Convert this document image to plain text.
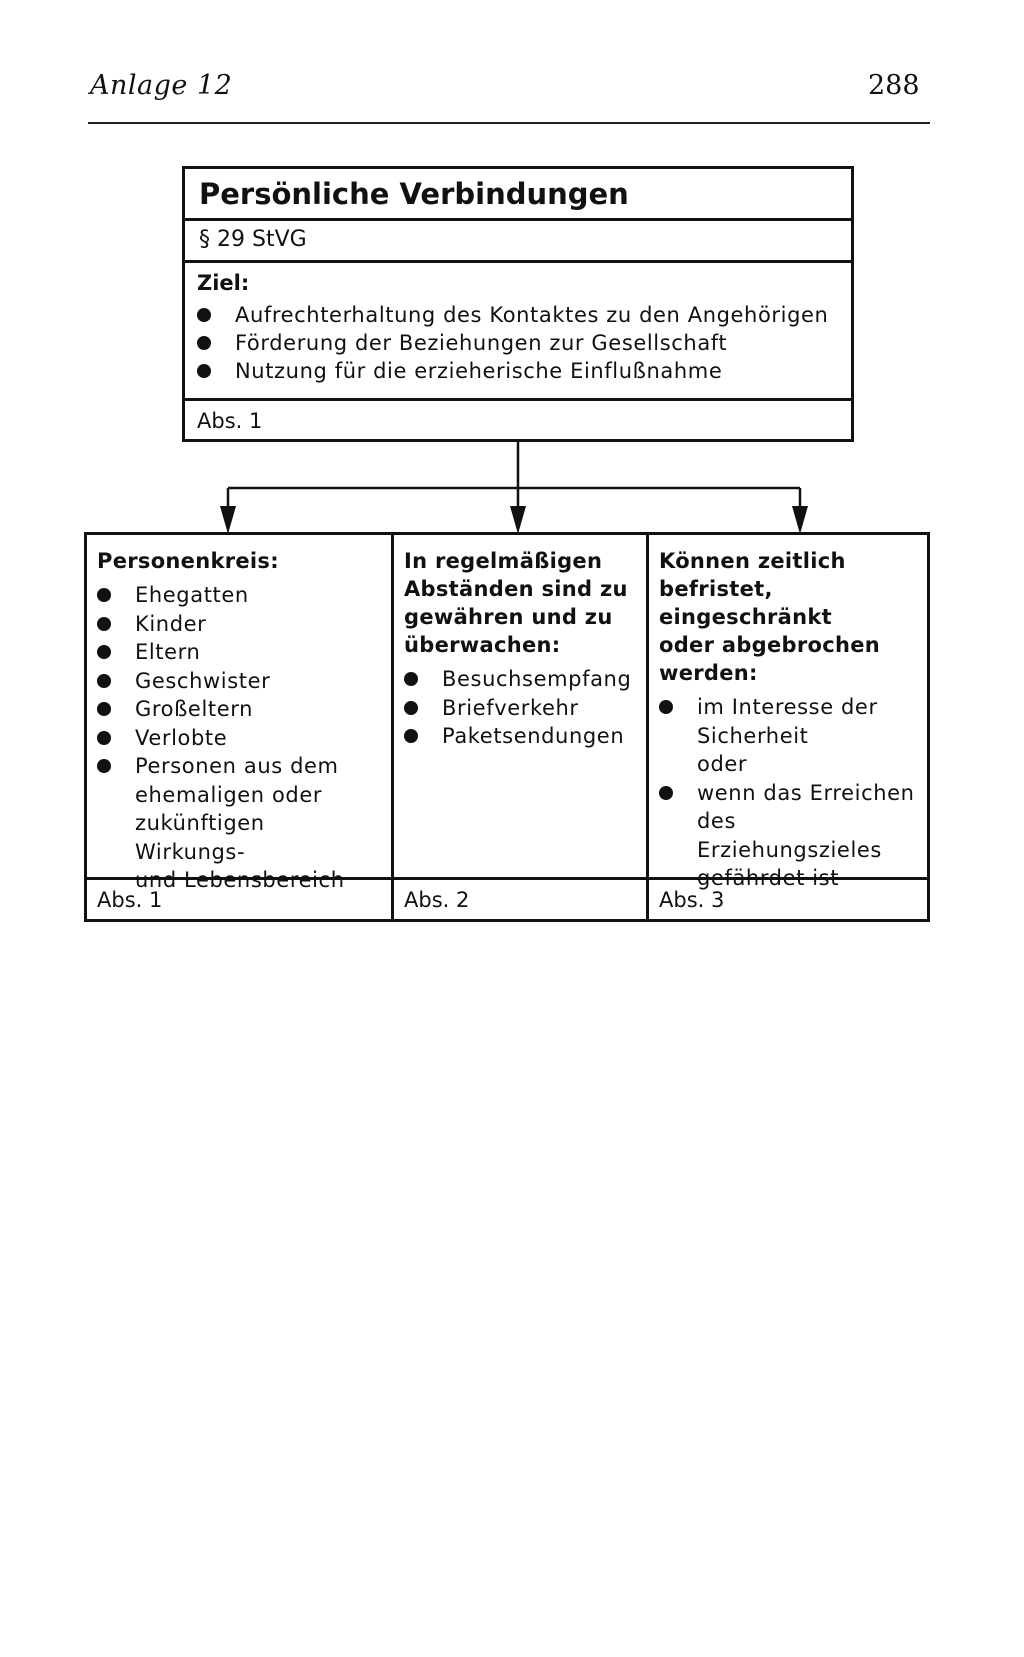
Anlage 12	288
Persönliche Verbindungen
§ 29 StVG
Ziel:
Aufrechterhaltung des Kontaktes zu den Angehörigen
Förderung der Beziehungen zur Gesellschaft
Nutzung für die erzieherische Einflußnahme
Abs. 1
Personenkreis:
Ehegatten
Kinder
Eltern
Geschwister
Großeltern
Verlobte
Personen aus dem
ehemaligen oder
zukünftigen Wirkungs-
und Lebensbereich
Abs. 1
In regelmäßigen
Abständen sind zu
gewähren und zu
überwachen:
Besuchsempfang
Briefverkehr
Paketsendungen
Abs. 2
Können zeitlich
befristet,
eingeschränkt
oder abgebrochen
werden:
im Interesse der
Sicherheit
oder
wenn das Erreichen
des Erziehungszieles
gefährdet ist
Abs. 3
